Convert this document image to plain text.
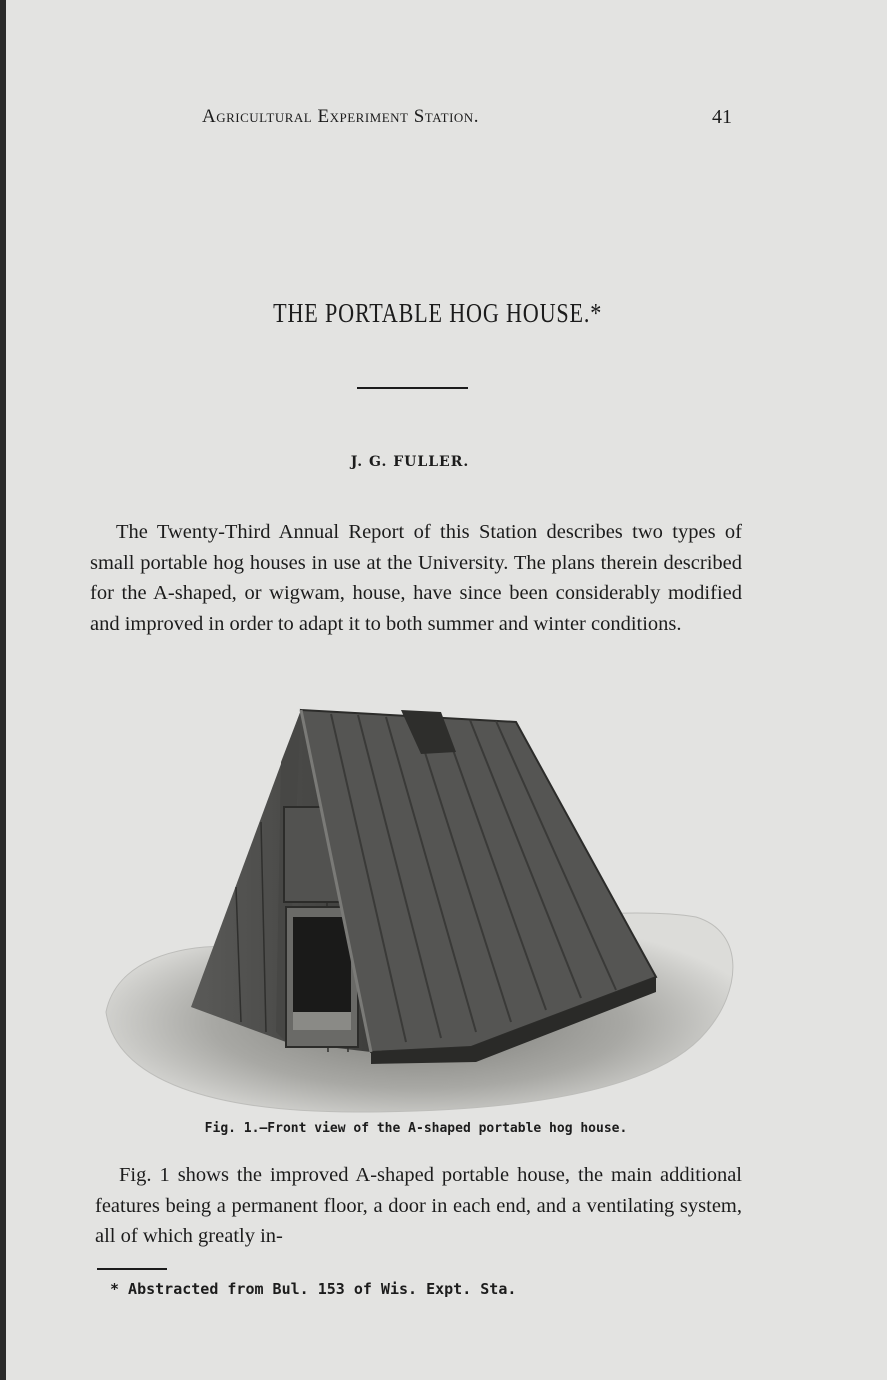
Agricultural Experiment Station.	41
THE PORTABLE HOG HOUSE.*
J. G. FULLER.

The Twenty-Third Annual Report of this Station describes two types of small portable hog houses in use at the University. The plans therein described for the A-shaped, or wigwam, house, have since been considerably modified and improved in order to adapt it to both summer and winter conditions.

Fig. 1.—Front view of the A-shaped portable hog house.

Fig. 1 shows the improved A-shaped portable house, the main additional features being a permanent floor, a door in each end, and a ventilating system, all of which greatly in-

* Abstracted from Bul. 153 of Wis. Expt. Sta.
